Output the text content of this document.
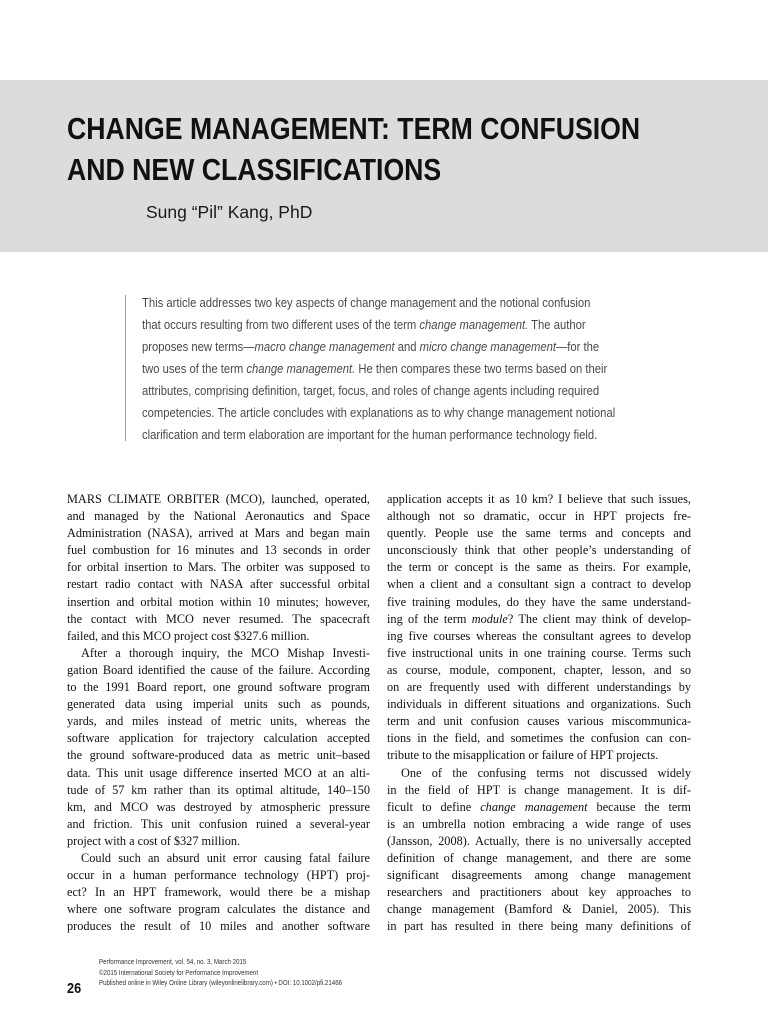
CHANGE MANAGEMENT: TERM CONFUSION
AND NEW CLASSIFICATIONS
Sung “Pil” Kang, PhD
This article addresses two key aspects of change management and the notional confusion
that occurs resulting from two different uses of the term change management. The author
proposes new terms—macro change management and micro change management—for the
two uses of the term change management. He then compares these two terms based on their
attributes, comprising definition, target, focus, and roles of change agents including required
competencies. The article concludes with explanations as to why change management notional
clarification and term elaboration are important for the human performance technology field.
MARS CLIMATE ORBITER (MCO), launched, operated,
and managed by the National Aeronautics and Space
Administration (NASA), arrived at Mars and began main
fuel combustion for 16 minutes and 13 seconds in order
for orbital insertion to Mars. The orbiter was supposed to
restart radio contact with NASA after successful orbital
insertion and orbital motion within 10 minutes; however,
the contact with MCO never resumed. The spacecraft
failed, and this MCO project cost $327.6 million.
After a thorough inquiry, the MCO Mishap Investi-
gation Board identified the cause of the failure. According
to the 1991 Board report, one ground software program
generated data using imperial units such as pounds,
yards, and miles instead of metric units, whereas the
software application for trajectory calculation accepted
the ground software-produced data as metric unit–based
data. This unit usage difference inserted MCO at an alti-
tude of 57 km rather than its optimal altitude, 140–150
km, and MCO was destroyed by atmospheric pressure
and friction. This unit confusion ruined a several-year
project with a cost of $327 million.
Could such an absurd unit error causing fatal failure
occur in a human performance technology (HPT) proj-
ect? In an HPT framework, would there be a mishap
where one software program calculates the distance and
produces the result of 10 miles and another software
application accepts it as 10 km? I believe that such issues,
although not so dramatic, occur in HPT projects fre-
quently. People use the same terms and concepts and
unconsciously think that other people’s understanding of
the term or concept is the same as theirs. For example,
when a client and a consultant sign a contract to develop
five training modules, do they have the same understand-
ing of the term module? The client may think of develop-
ing five courses whereas the consultant agrees to develop
five instructional units in one training course. Terms such
as course, module, component, chapter, lesson, and so
on are frequently used with different understandings by
individuals in different situations and organizations. Such
term and unit confusion causes various miscommunica-
tions in the field, and sometimes the confusion can con-
tribute to the misapplication or failure of HPT projects.
One of the confusing terms not discussed widely
in the field of HPT is change management. It is dif-
ficult to define change management because the term
is an umbrella notion embracing a wide range of uses
(Jansson, 2008). Actually, there is no universally accepted
definition of change management, and there are some
significant disagreements among change management
researchers and practitioners about key approaches to
change management (Bamford & Daniel, 2005). This
in part has resulted in there being many definitions of
Performance Improvement, vol. 54, no. 3, March 2015
©2015 International Society for Performance Improvement
Published online in Wiley Online Library (wileyonlinelibrary.com) • DOI: 10.1002/pfi.21466
26
